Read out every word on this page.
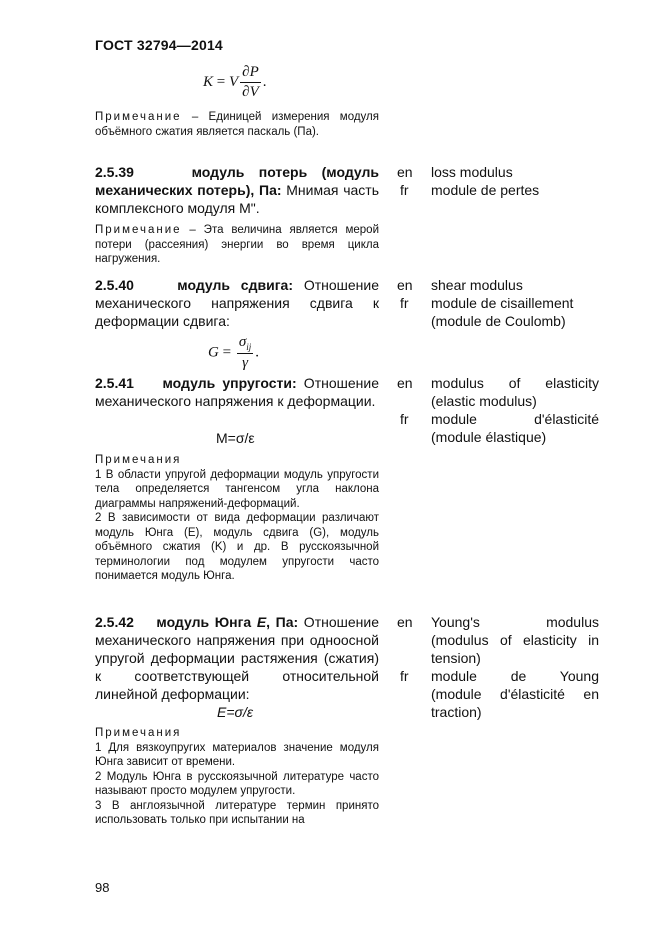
ГОСТ 32794—2014
K = V $\frac{\partial P}{\partial V}$ .
Примечание – Единицей измерения модуля объёмного сжатия является паскаль (Па).
2.5.39	модуль потерь (модуль механических потерь), Па: Мнимая часть комплексного модуля М".
en
fr
loss modulus
module de pertes
Примечание – Эта величина является мерой потери (рассеяния) энергии во время цикла нагружения.
2.5.40	модуль сдвига: Отношение механического напряжения сдвига к деформации сдвига:
en
fr
shear modulus

module de cisaillement

(module de Coulomb)

$G = \frac{\sigma_{ij}}{\gamma}$ .
2.5.41 модуль упругости: Отношение механического напряжения к деформации.
M=σ/ε
en
fr

modulus of elasticity

(elastic modulus)

module d'élasticité

(module élastique)

Примечания

1 В области упругой деформации модуль упругости тела определяется тангенсом угла наклона диаграммы напряжений-деформаций.

2 В зависимости от вида деформации различают модуль Юнга (E), модуль сдвига (G), модуль объёмного сжатия (K) и др. В русскоязычной терминологии под модулем упругости часто понимается модуль Юнга.

2.5.42 модуль Юнга E, Па: Отношение механического напряжения при одноосной упругой деформации растяжения (сжатия) к соответствующей относительной линейной деформации:
E=σ/ε
en
fr

Young's modulus

(modulus of elasticity in

tension)

module de Young

(module d'élasticité en

traction)

Примечания

1 Для вязкоупругих материалов значение модуля Юнга зависит от времени.

2 Модуль Юнга в русскоязычной литературе часто называют просто модулем упругости.

3 В англоязычной литературе термин принято использовать только при испытании на

98
